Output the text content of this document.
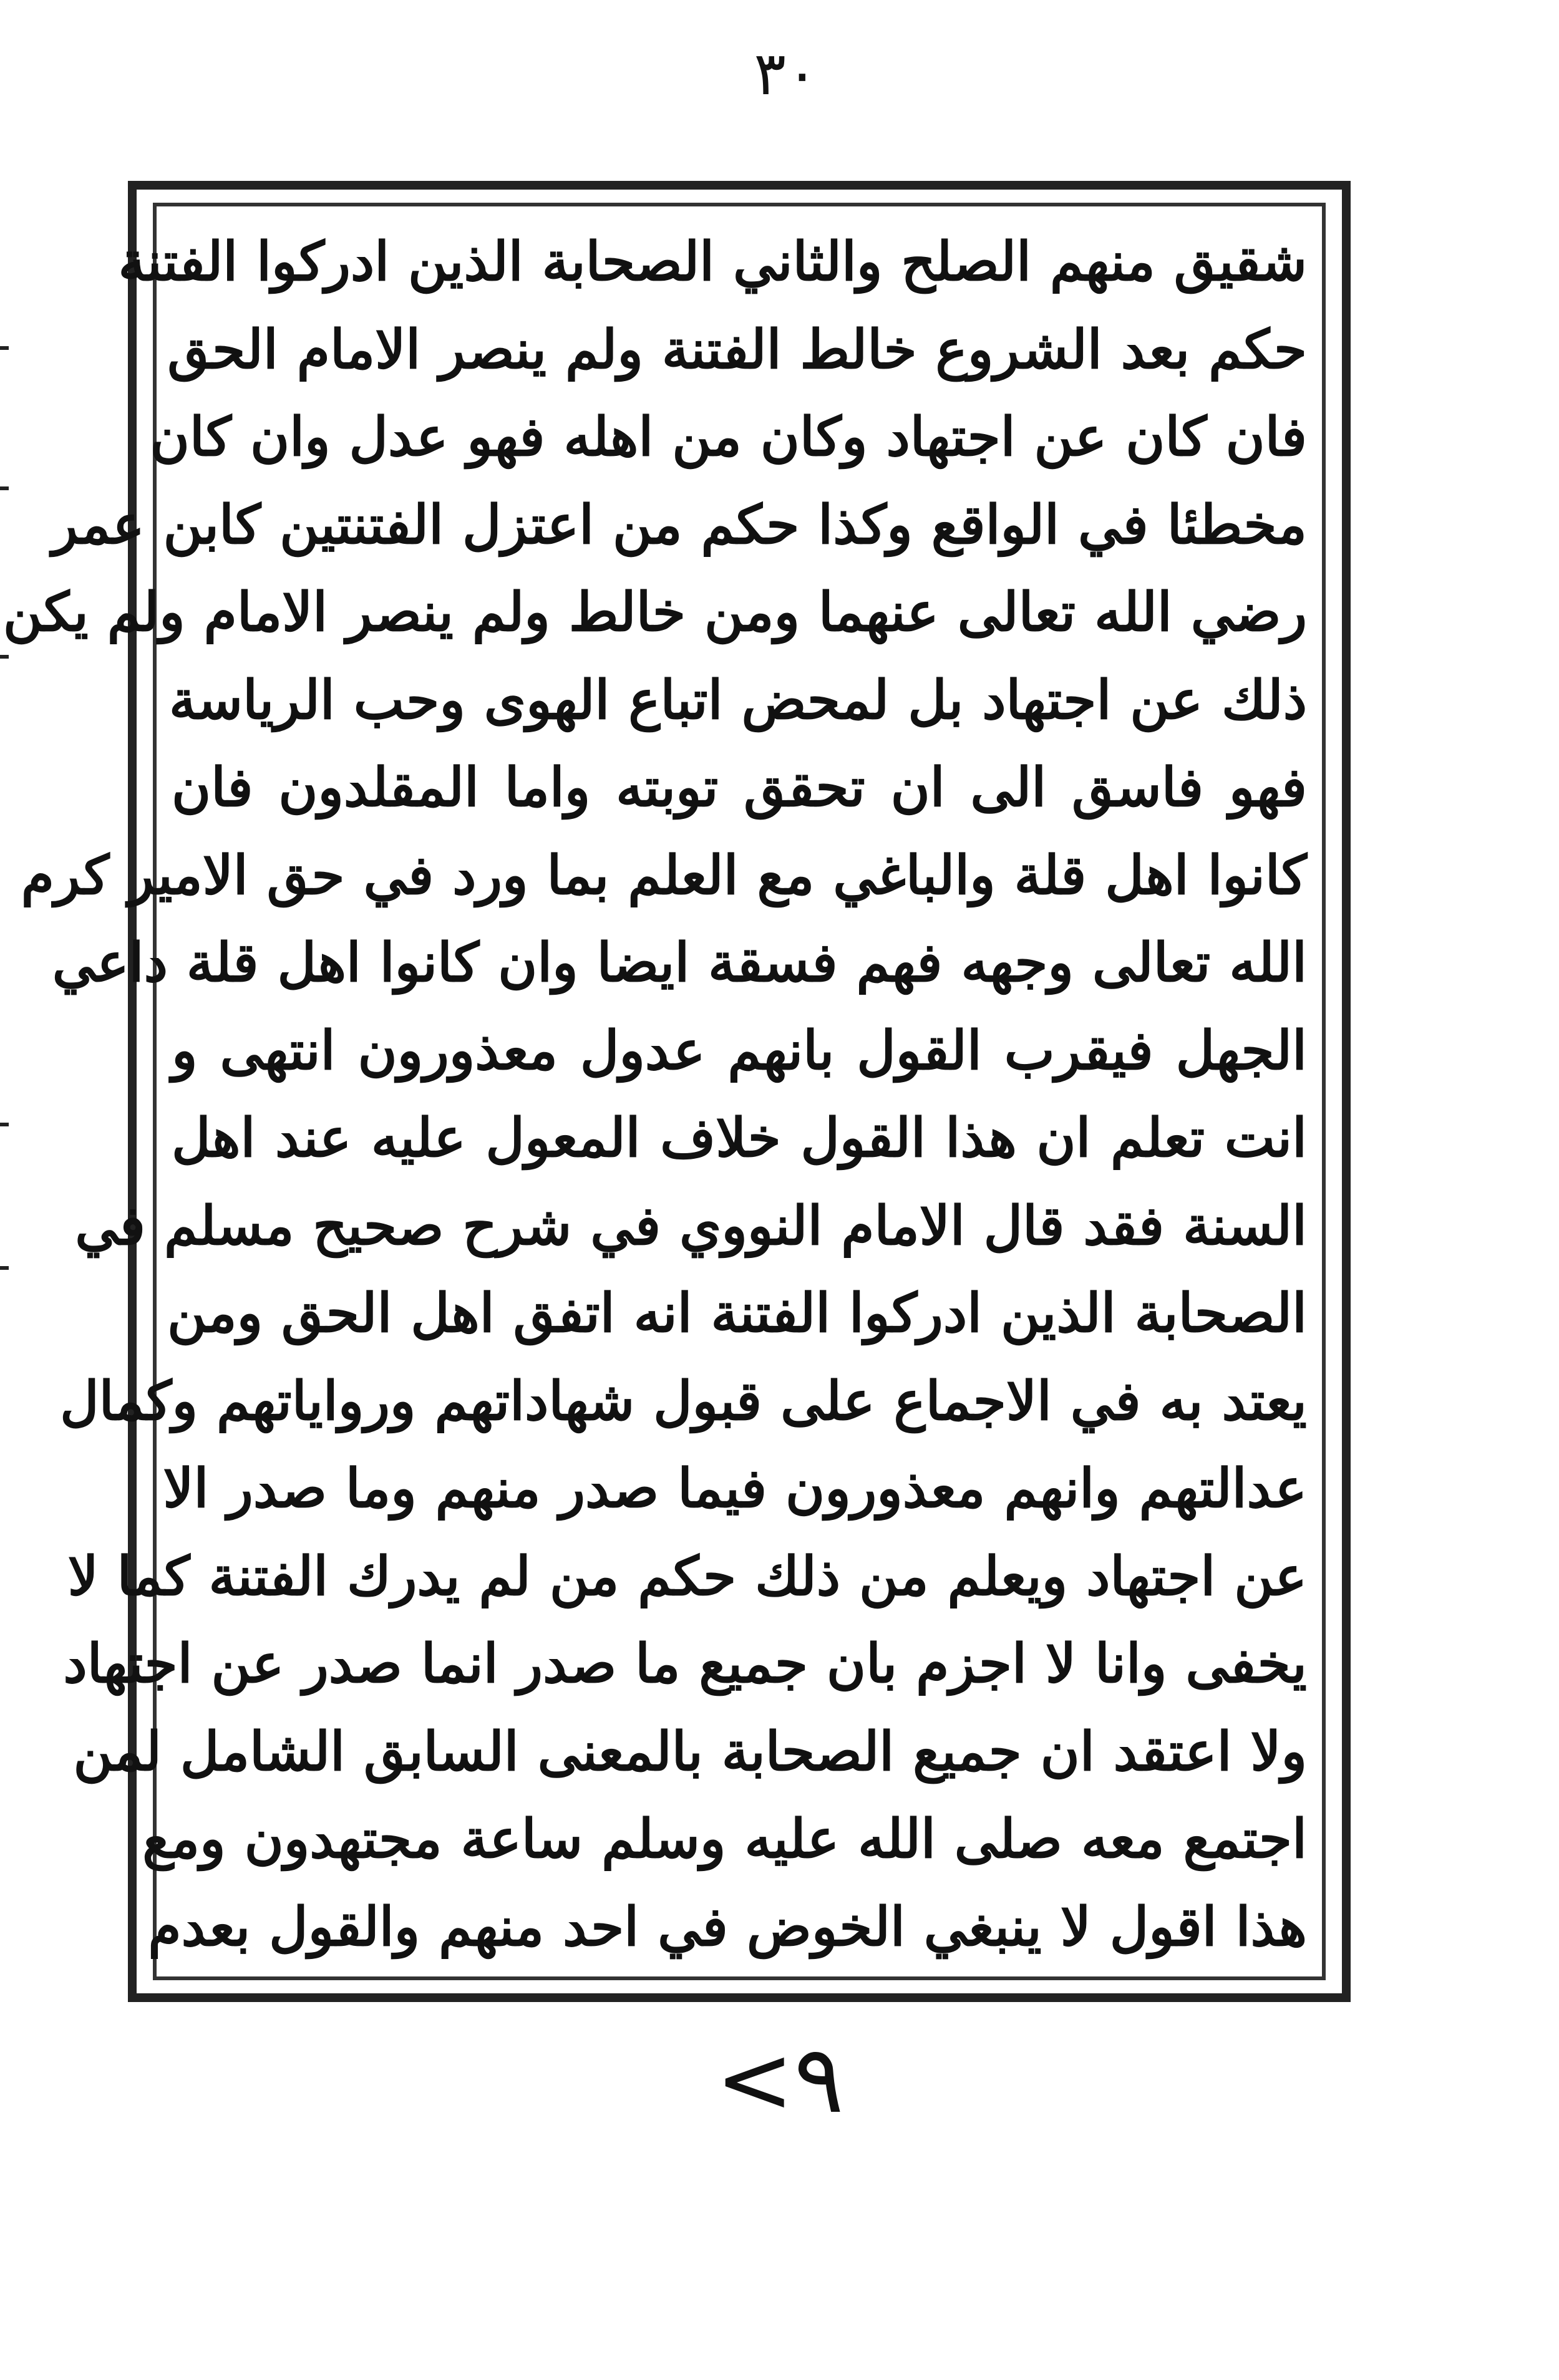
٣٠
شقيق منهم الصلح والثاني الصحابة الذين ادركوا الفتنة
حكم بعد الشروع خالط الفتنة ولم ينصر الامام الحق
فان كان عن اجتهاد وكان من اهله فهو عدل وان كان
مخطئا في الواقع وكذا حكم من اعتزل الفتنتين كابن عمر
رضي الله تعالى عنهما ومن خالط ولم ينصر الامام ولم يكن
ذلك عن اجتهاد بل لمحض اتباع الهوى وحب الرياسة
فهو فاسق الى ان تحقق توبته واما المقلدون فان
كانوا اهل قلة والباغي مع العلم بما ورد في حق الامير كرم
الله تعالى وجهه فهم فسقة ايضا وان كانوا اهل قلة داعي
الجهل فيقرب القول بانهم عدول معذورون انتهى و
انت تعلم ان هذا القول خلاف المعول عليه عند اهل
السنة فقد قال الامام النووي في شرح صحيح مسلم في
الصحابة الذين ادركوا الفتنة انه اتفق اهل الحق ومن
يعتد به في الاجماع على قبول شهاداتهم ورواياتهم وكمال
عدالتهم وانهم معذورون فيما صدر منهم وما صدر الا
عن اجتهاد ويعلم من ذلك حكم من لم يدرك الفتنة كما لا
يخفى وانا لا اجزم بان جميع ما صدر انما صدر عن اجتهاد
ولا اعتقد ان جميع الصحابة بالمعنى السابق الشامل لمن
اجتمع معه صلى الله عليه وسلم ساعة مجتهدون ومع
هذا اقول لا ينبغي الخوض في احد منهم والقول بعدم
<٩
